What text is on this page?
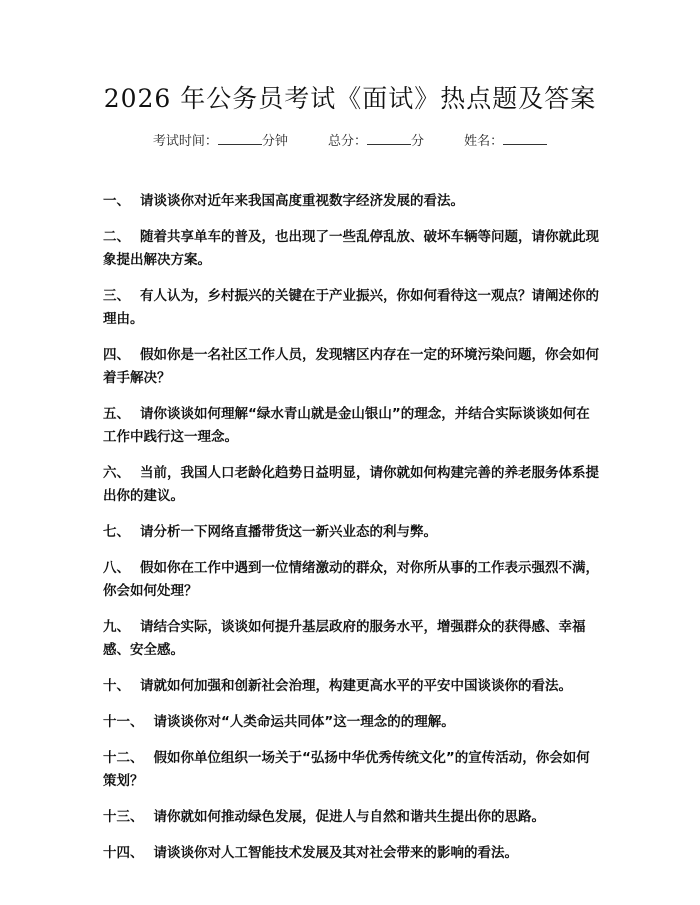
2026 年公务员考试《面试》热点题及答案
考试时间：	分钟	总分：	分	姓名：

一、 请谈谈你对近年来我国高度重视数字经济发展的看法。

二、 随着共享单车的普及，也出现了一些乱停乱放、破坏车辆等问题，请你就此现象提出解决方案。

三、 有人认为，乡村振兴的关键在于产业振兴，你如何看待这一观点？请阐述你的理由。

四、 假如你是一名社区工作人员，发现辖区内存在一定的环境污染问题，你会如何着手解决？

五、 请你谈谈如何理解“绿水青山就是金山银山”的理念，并结合实际谈谈如何在工作中践行这一理念。

六、 当前，我国人口老龄化趋势日益明显，请你就如何构建完善的养老服务体系提出你的建议。

七、 请分析一下网络直播带货这一新兴业态的利与弊。

八、 假如你在工作中遇到一位情绪激动的群众，对你所从事的工作表示强烈不满，你会如何处理？

九、 请结合实际，谈谈如何提升基层政府的服务水平，增强群众的获得感、幸福感、安全感。

十、 请就如何加强和创新社会治理，构建更高水平的平安中国谈谈你的看法。

十一、 请谈谈你对“人类命运共同体”这一理念的的理解。

十二、 假如你单位组织一场关于“弘扬中华优秀传统文化”的宣传活动，你会如何策划？

十三、 请你就如何推动绿色发展，促进人与自然和谐共生提出你的思路。

十四、 请谈谈你对人工智能技术发展及其对社会带来的影响的看法。
